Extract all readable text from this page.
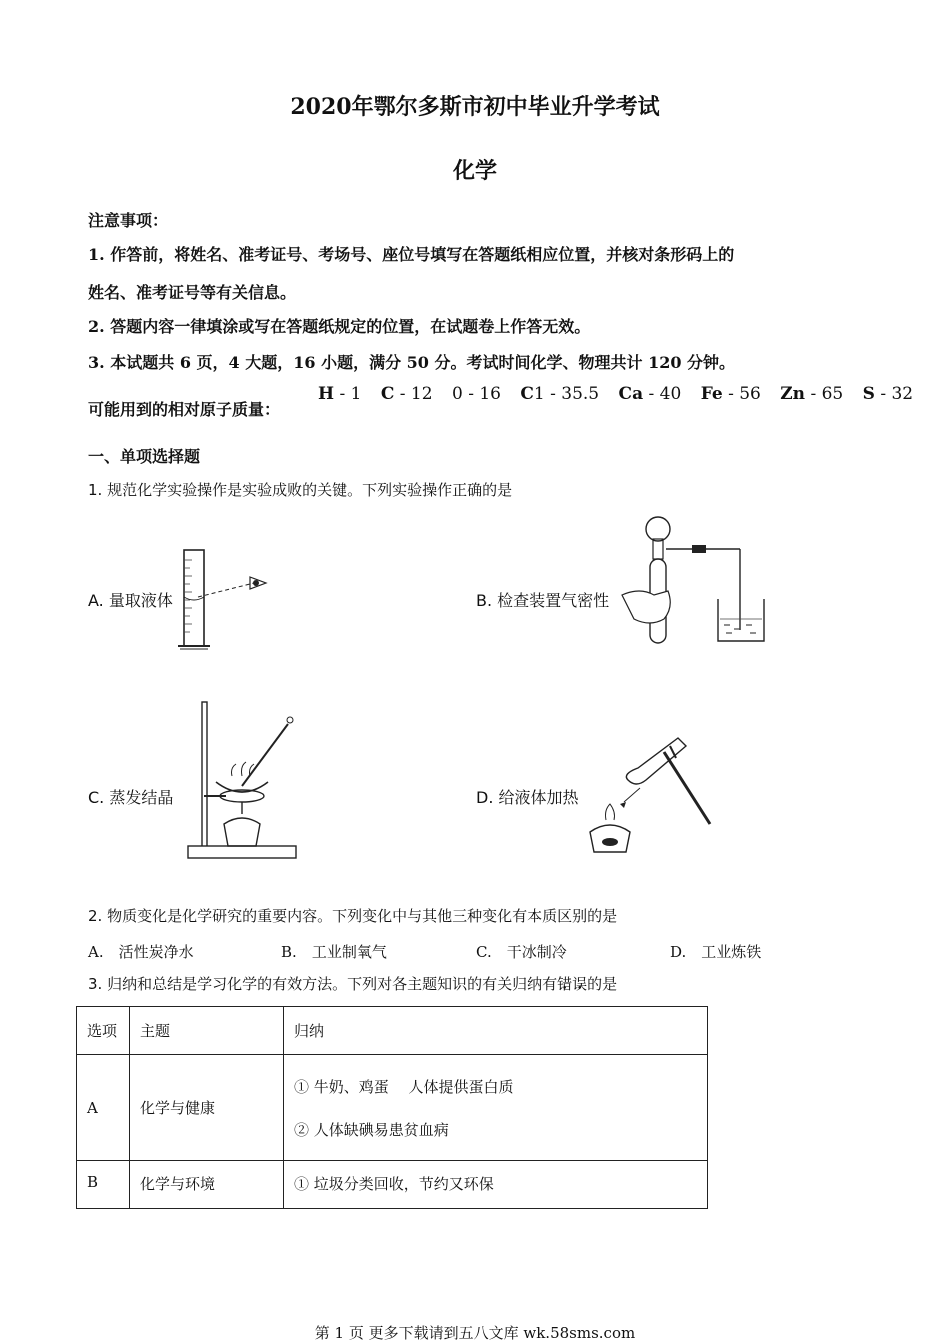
2020年鄂尔多斯市初中毕业升学考试
化学
注意事项：
1. 作答前，将姓名、准考证号、考场号、座位号填写在答题纸相应位置，并核对条形码上的
姓名、准考证号等有关信息。
2. 答题内容一律填涂或写在答题纸规定的位置，在试题卷上作答无效。
3. 本试题共 6 页，4 大题，16 小题，满分 50 分。考试时间化学、物理共计 120 分钟。
可能用到的相对原子质量：
H - 1 C - 12 0 - 16 C1 - 35.5 Ca - 40 Fe - 56 Zn - 65 S - 32
一、单项选择题
1. 规范化学实验操作是实验成败的关键。下列实验操作正确的是
A. 量取液体	B. 检查装置气密性
C. 蒸发结晶	D. 给液体加热
2. 物质变化是化学研究的重要内容。下列变化中与其他三种变化有本质区别的是
A.　 活性炭净水	B.　 工业制氧气	C.　 干冰制冷	D.　 工业炼铁
3. 归纳和总结是学习化学的有效方法。下列对各主题知识的有关归纳有错误的是
选项	主题	归纳
A	化学与健康	① 牛奶、鸡蛋　 人体提供蛋白质
② 人体缺碘易患贫血病

B	化学与环境	① 垃圾分类回收，节约又环保
第 1 页 更多下载请到五八文库 wk.58sms.com
